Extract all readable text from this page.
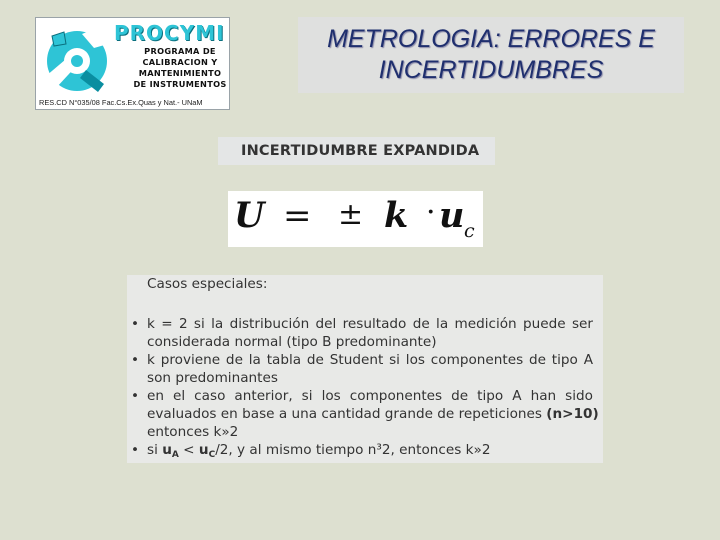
PROCYMI
PROGRAMA DE
CALIBRACION Y
MANTENIMIENTO
DE INSTRUMENTOS
RES.CD N°035/08 Fac.Cs.Ex.Quas y Nat.- UNaM
METROLOGIA: ERRORES E
INCERTIDUMBRES
INCERTIDUMBRE EXPANDIDA
U = ± k · u c
Casos especiales:
• k = 2 si la distribución del resultado de la medición puede ser
considerada normal (tipo B predominante)
• k proviene de la tabla de Student si los componentes de tipo A
son predominantes
• en el caso anterior, si los componentes de tipo A han sido
evaluados en base a una cantidad grande de repeticiones (n>10)
entonces k»2
• si $u_A < u_C/2$, y al mismo tiempo n³2, entonces k»2
